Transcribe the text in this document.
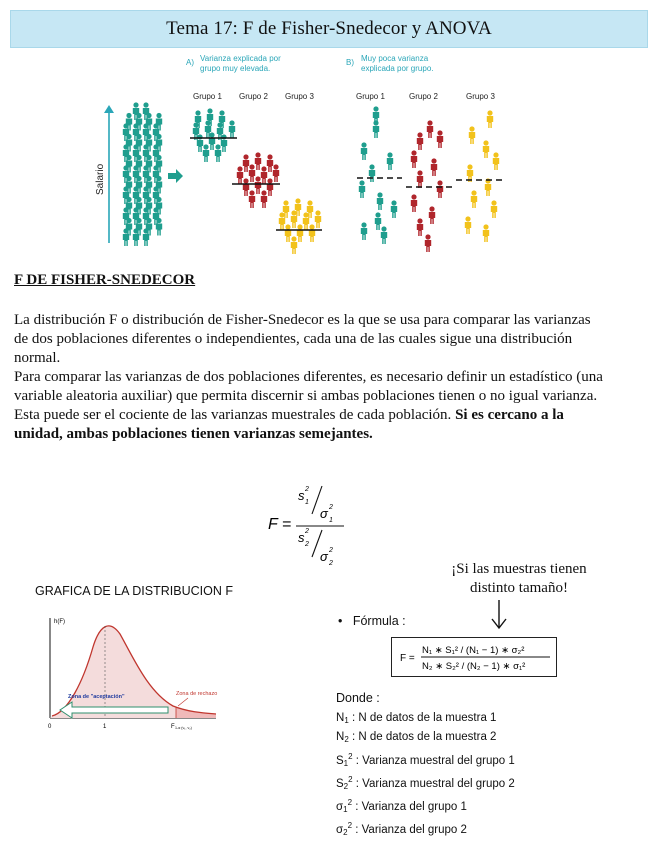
Tema 17: F de Fisher-Snedecor y ANOVA
A) Varianza explicada por
grupo muy elevada.
B) Muy poca varianza
explicada por grupo.
Grupo 1 Grupo 2 Grupo 3	Grupo 1	Grupo 2	Grupo 3
Salario
F DE FISHER-SNEDECOR

La distribución F o distribución de Fisher-Snedecor es la que se usa para comparar las varianzas de dos poblaciones diferentes o independientes, cada una de las cuales sigue una distribución normal.

Para comparar las varianzas de dos poblaciones diferentes, es necesario definir un estadístico (una variable aleatoria auxiliar) que permita discernir si ambas poblaciones tienen o no igual varianza.

Esta puede ser el cociente de las varianzas muestrales de cada población. Si es cercano a la unidad, ambas poblaciones tienen varianzas semejantes.

F =
s 2
1
σ 2
1
s 2
2
σ 2
2
GRAFICA DE LA DISTRIBUCION F
h(F)
Zona de "aceptación"	Zona de rechazo
0	1	F 1-α (ν₁, ν₂)
¡Si las muestras tienen
distinto tamaño!
• Fórmula :
F =
N₁ ∗ S₁² / (N₁ − 1) ∗ σ₂²
N₂ ∗ S₂² / (N₂ − 1) ∗ σ₁²
Donde :
$N_1$ : N de datos de la muestra 1
$N_2$ : N de datos de la muestra 2
$S_1^2$ : Varianza muestral del grupo 1
$S_2^2$ : Varianza muestral del grupo 2
$\sigma_1^2$ : Varianza del grupo 1
$\sigma_2^2$ : Varianza del grupo 2
